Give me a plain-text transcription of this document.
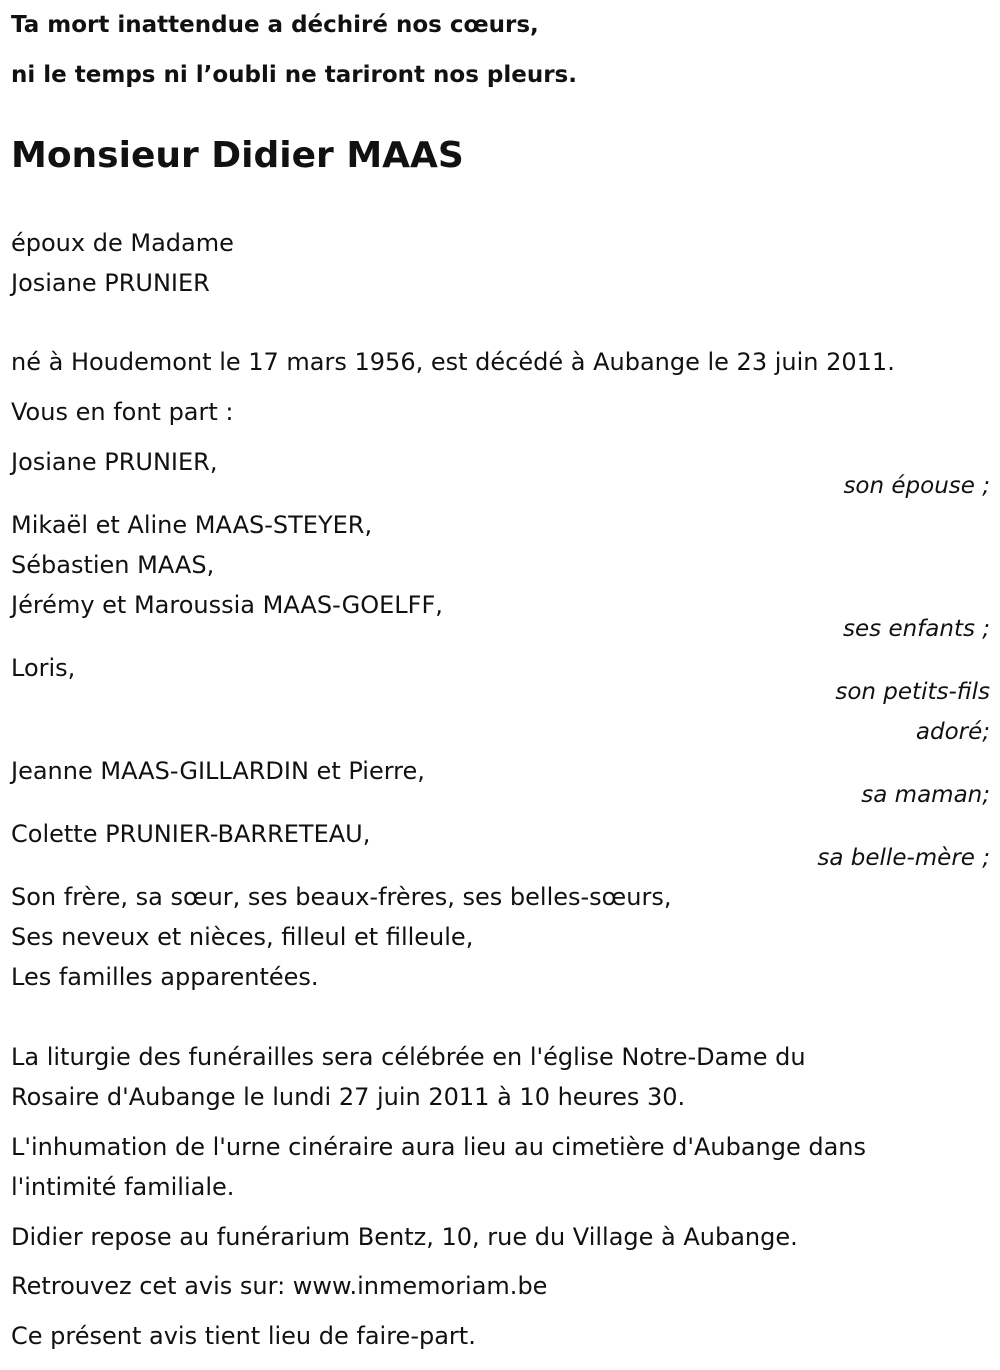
Ta mort inattendue a déchiré nos cœurs,
ni le temps ni l’oubli ne tariront nos pleurs.
Monsieur Didier MAAS
époux de Madame
Josiane PRUNIER
né à Houdemont le 17 mars 1956, est décédé à Aubange le 23 juin 2011.
Vous en font part :
Josiane PRUNIER,
son épouse ;
Mikaël et Aline MAAS-STEYER,
Sébastien MAAS,
Jérémy et Maroussia MAAS-GOELFF,
ses enfants ;
Loris,
son petits-fils
adoré;
Jeanne MAAS-GILLARDIN et Pierre,
sa maman;
Colette PRUNIER-BARRETEAU,
sa belle-mère ;
Son frère, sa sœur, ses beaux-frères, ses belles-sœurs,
Ses neveux et nièces, filleul et filleule,
Les familles apparentées.
La liturgie des funérailles sera célébrée en l'église Notre-Dame du
Rosaire d'Aubange le lundi 27 juin 2011 à 10 heures 30.
L'inhumation de l'urne cinéraire aura lieu au cimetière d'Aubange dans
l'intimité familiale.
Didier repose au funérarium Bentz, 10, rue du Village à Aubange.
Retrouvez cet avis sur: www.inmemoriam.be
Ce présent avis tient lieu de faire-part.
